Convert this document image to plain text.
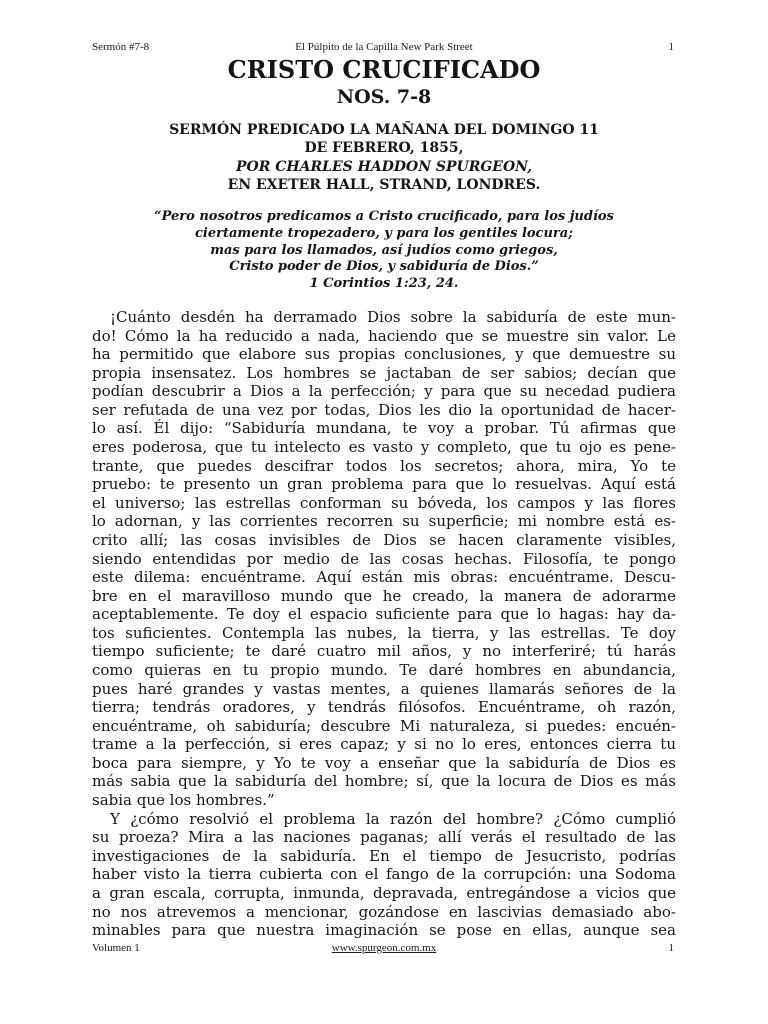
Sermón #7-8	El Púlpito de la Capilla New Park Street	1
CRISTO CRUCIFICADO
NOS. 7-8
SERMÓN PREDICADO LA MAÑANA DEL DOMINGO 11
DE FEBRERO, 1855,
POR CHARLES HADDON SPURGEON,
EN EXETER HALL, STRAND, LONDRES.
“Pero nosotros predicamos a Cristo crucificado, para los judíos
ciertamente tropezadero, y para los gentiles locura;
mas para los llamados, así judíos como griegos,
Cristo poder de Dios, y sabiduría de Dios.”
1 Corintios 1:23, 24.
¡Cuánto desdén ha derramado Dios sobre la sabiduría de este mun-
do! Cómo la ha reducido a nada, haciendo que se muestre sin valor. Le
ha permitido que elabore sus propias conclusiones, y que demuestre su
propia insensatez. Los hombres se jactaban de ser sabios; decían que
podían descubrir a Dios a la perfección; y para que su necedad pudiera
ser refutada de una vez por todas, Dios les dio la oportunidad de hacer-
lo así. Él dijo: “Sabiduría mundana, te voy a probar. Tú afirmas que
eres poderosa, que tu intelecto es vasto y completo, que tu ojo es pene-
trante, que puedes descifrar todos los secretos; ahora, mira, Yo te
pruebo: te presento un gran problema para que lo resuelvas. Aquí está
el universo; las estrellas conforman su bóveda, los campos y las flores
lo adornan, y las corrientes recorren su superficie; mi nombre está es-
crito allí; las cosas invisibles de Dios se hacen claramente visibles,
siendo entendidas por medio de las cosas hechas. Filosofía, te pongo
este dilema: encuéntrame. Aquí están mis obras: encuéntrame. Descu-
bre en el maravilloso mundo que he creado, la manera de adorarme
aceptablemente. Te doy el espacio suficiente para que lo hagas: hay da-
tos suficientes. Contempla las nubes, la tierra, y las estrellas. Te doy
tiempo suficiente; te daré cuatro mil años, y no interferiré; tú harás
como quieras en tu propio mundo. Te daré hombres en abundancia,
pues haré grandes y vastas mentes, a quienes llamarás señores de la
tierra; tendrás oradores, y tendrás filósofos. Encuéntrame, oh razón,
encuéntrame, oh sabiduría; descubre Mi naturaleza, si puedes: encuén-
trame a la perfección, si eres capaz; y si no lo eres, entonces cierra tu
boca para siempre, y Yo te voy a enseñar que la sabiduría de Dios es
más sabia que la sabiduría del hombre; sí, que la locura de Dios es más
sabia que los hombres.”
Y ¿cómo resolvió el problema la razón del hombre? ¿Cómo cumplió
su proeza? Mira a las naciones paganas; allí verás el resultado de las
investigaciones de la sabiduría. En el tiempo de Jesucristo, podrías
haber visto la tierra cubierta con el fango de la corrupción: una Sodoma
a gran escala, corrupta, inmunda, depravada, entregándose a vicios que
no nos atrevemos a mencionar, gozándose en lascivias demasiado abo-
minables para que nuestra imaginación se pose en ellas, aunque sea
Volumen 1	www.spurgeon.com.mx	1
